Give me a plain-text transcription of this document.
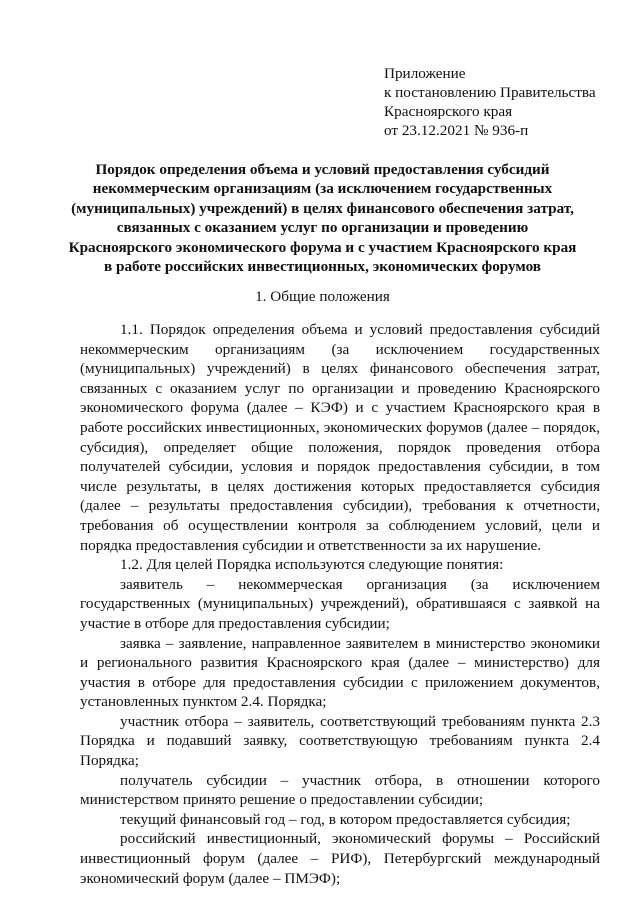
Приложение
к постановлению Правительства
Красноярского края
от 23.12.2021 № 936-п
Порядок определения объема и условий предоставления субсидий
некоммерческим организациям (за исключением государственных
(муниципальных) учреждений) в целях финансового обеспечения затрат,
связанных с оказанием услуг по организации и проведению
Красноярского экономического форума и с участием Красноярского края
в работе российских инвестиционных, экономических форумов
1. Общие положения

1.1. Порядок определения объема и условий предоставления субсидий некоммерческим организациям (за исключением государственных (муниципальных) учреждений) в целях финансового обеспечения затрат, связанных с оказанием услуг по организации и проведению Красноярского экономического форума (далее – КЭФ) и с участием Красноярского края в работе российских инвестиционных, экономических форумов (далее – порядок, субсидия), определяет общие положения, порядок проведения отбора получателей субсидии, условия и порядок предоставления субсидии, в том числе результаты, в целях достижения которых предоставляется субсидия (далее – результаты предоставления субсидии), требования к отчетности, требования об осуществлении контроля за соблюдением условий, цели и порядка предоставления субсидии и ответственности за их нарушение.

1.2. Для целей Порядка используются следующие понятия:

заявитель – некоммерческая организация (за исключением государственных (муниципальных) учреждений), обратившаяся с заявкой на участие в отборе для предоставления субсидии;

заявка – заявление, направленное заявителем в министерство экономики и регионального развития Красноярского края (далее – министерство) для участия в отборе для предоставления субсидии с приложением документов, установленных пунктом 2.4. Порядка;

участник отбора – заявитель, соответствующий требованиям пункта 2.3 Порядка и подавший заявку, соответствующую требованиям пункта 2.4 Порядка;

получатель субсидии – участник отбора, в отношении которого министерством принято решение о предоставлении субсидии;

текущий финансовый год – год, в котором предоставляется субсидия;

российский инвестиционный, экономический форумы – Российский инвестиционный форум (далее – РИФ), Петербургский международный экономический форум (далее – ПМЭФ);
